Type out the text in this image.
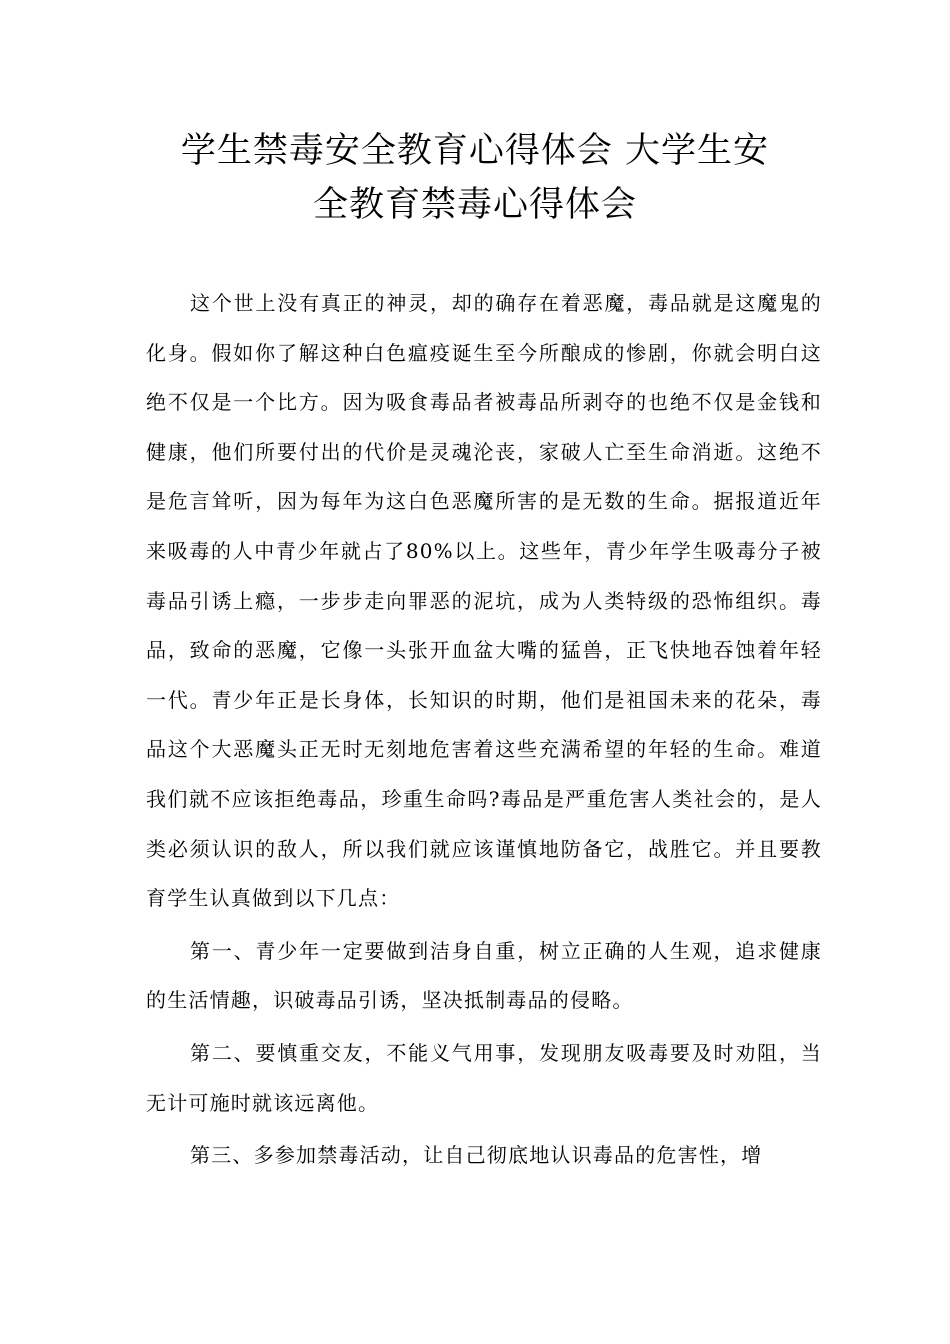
学生禁毒安全教育心得体会 大学生安
全教育禁毒心得体会

这个世上没有真正的神灵，却的确存在着恶魔，毒品就是这魔鬼的化身。假如你了解这种白色瘟疫诞生至今所酿成的惨剧，你就会明白这绝不仅是一个比方。因为吸食毒品者被毒品所剥夺的也绝不仅是金钱和健康，他们所要付出的代价是灵魂沦丧，家破人亡至生命消逝。这绝不是危言耸听，因为每年为这白色恶魔所害的是无数的生命。据报道近年来吸毒的人中青少年就占了80%以上。这些年，青少年学生吸毒分子被毒品引诱上瘾，一步步走向罪恶的泥坑，成为人类特级的恐怖组织。毒品，致命的恶魔，它像一头张开血盆大嘴的猛兽，正飞快地吞蚀着年轻一代。青少年正是长身体，长知识的时期，他们是祖国未来的花朵，毒品这个大恶魔头正无时无刻地危害着这些充满希望的年轻的生命。难道我们就不应该拒绝毒品，珍重生命吗?毒品是严重危害人类社会的，是人类必须认识的敌人，所以我们就应该谨慎地防备它，战胜它。并且要教育学生认真做到以下几点：

第一、青少年一定要做到洁身自重，树立正确的人生观，追求健康的生活情趣，识破毒品引诱，坚决抵制毒品的侵略。

第二、要慎重交友，不能义气用事，发现朋友吸毒要及时劝阻，当无计可施时就该远离他。

第三、多参加禁毒活动，让自己彻底地认识毒品的危害性，增
